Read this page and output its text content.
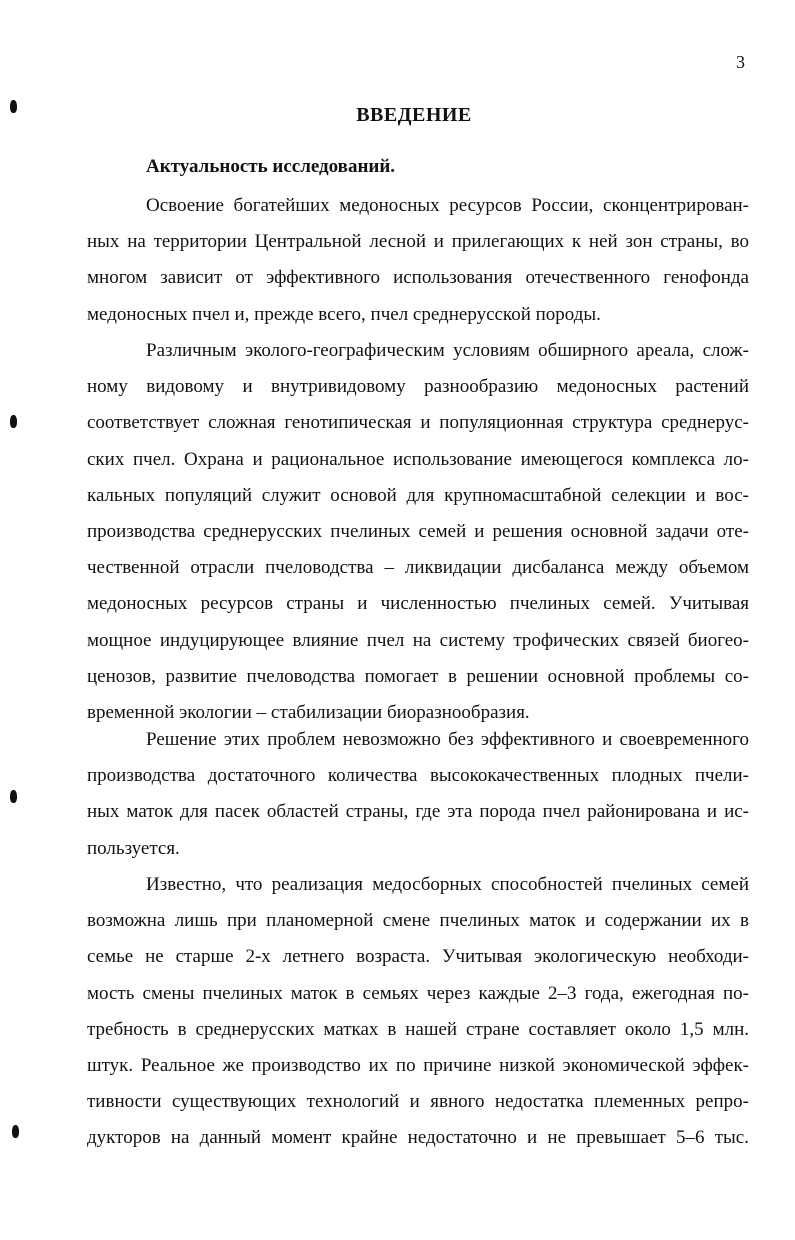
3
ВВЕДЕНИЕ
Актуальность исследований.
Освоение богатейших медоносных ресурсов России, сконцентрирован-
ных на территории Центральной лесной и прилегающих к ней зон страны, во
многом зависит от эффективного использования отечественного генофонда
медоносных пчел и, прежде всего, пчел среднерусской породы.
Различным эколого-географическим условиям обширного ареала, слож-
ному видовому и внутривидовому разнообразию медоносных растений
соответствует сложная генотипическая и популяционная структура среднерус-
ских пчел. Охрана и рациональное использование имеющегося комплекса ло-
кальных популяций служит основой для крупномасштабной селекции и вос-
производства среднерусских пчелиных семей и решения основной задачи оте-
чественной отрасли пчеловодства – ликвидации дисбаланса между объемом
медоносных ресурсов страны и численностью пчелиных семей. Учитывая
мощное индуцирующее влияние пчел на систему трофических связей биогео-
ценозов, развитие пчеловодства помогает в решении основной проблемы со-
временной экологии – стабилизации биоразнообразия.
Решение этих проблем невозможно без эффективного и своевременного
производства достаточного количества высококачественных плодных пчели-
ных маток для пасек областей страны, где эта порода пчел районирована и ис-
пользуется.
Известно, что реализация медосборных способностей пчелиных семей
возможна лишь при планомерной смене пчелиных маток и содержании их в
семье не старше 2-х летнего возраста. Учитывая экологическую необходи-
мость смены пчелиных маток в семьях через каждые 2–3 года, ежегодная по-
требность в среднерусских матках в нашей стране составляет около 1,5 млн.
штук. Реальное же производство их по причине низкой экономической эффек-
тивности существующих технологий и явного недостатка племенных репро-
дукторов на данный момент крайне недостаточно и не превышает 5–6 тыс.
